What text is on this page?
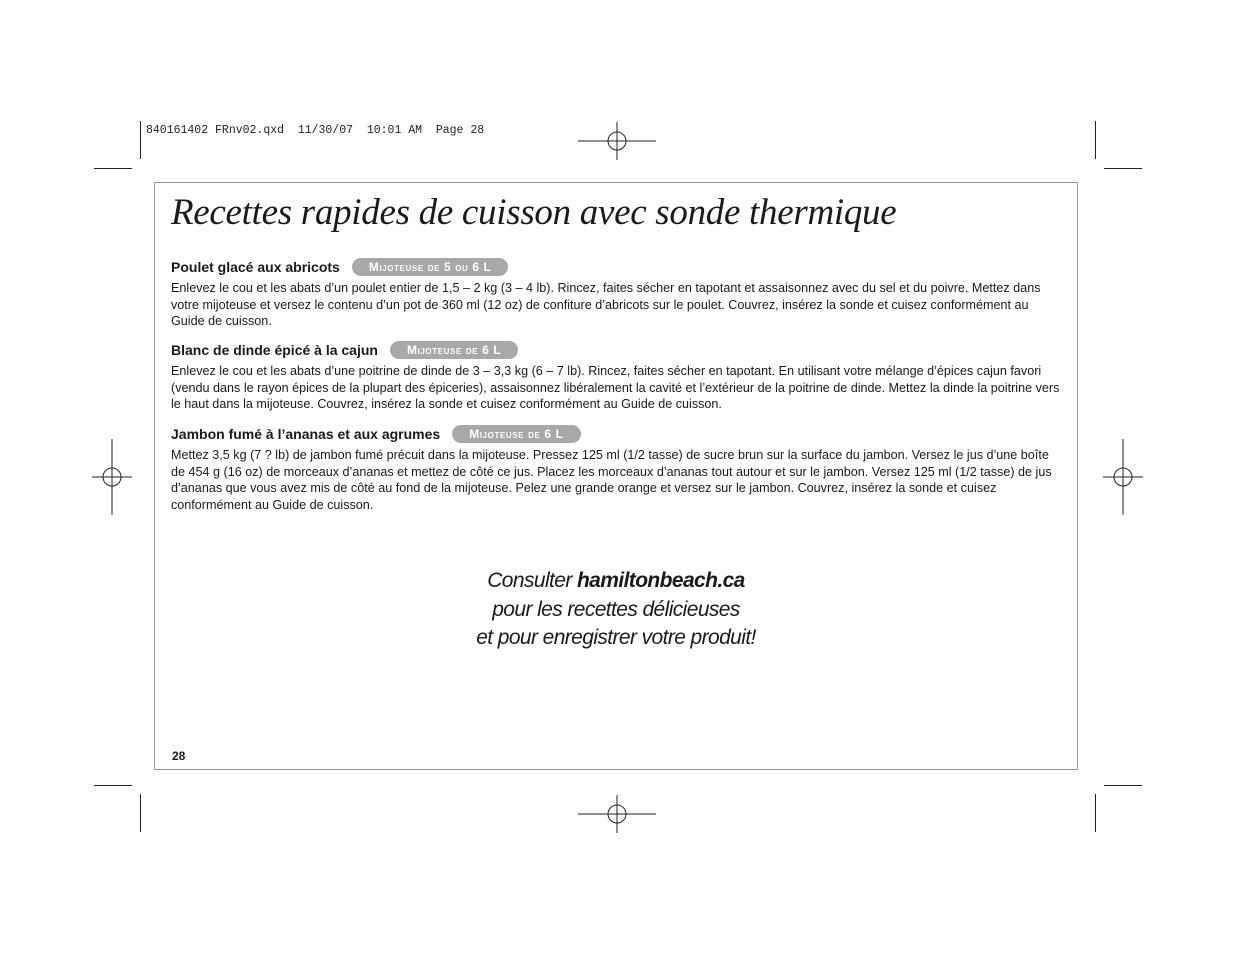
840161402 FRnv02.qxd  11/30/07  10:01 AM  Page 28
Recettes rapides de cuisson avec sonde thermique
Poulet glacé aux abricots	Mijoteuse de 5 ou 6 L

Enlevez le cou et les abats d’un poulet entier de 1,5 – 2 kg (3 – 4 lb). Rincez, faites sécher en tapotant et assaisonnez avec du sel et du poivre. Mettez dans votre mijoteuse et versez le contenu d’un pot de 360 ml (12 oz) de confiture d’abricots sur le poulet. Couvrez, insérez la sonde et cuisez conformément au Guide de cuisson.

Blanc de dinde épicé à la cajun	Mijoteuse de 6 L

Enlevez le cou et les abats d’une poitrine de dinde de 3 – 3,3 kg (6 – 7 lb). Rincez, faites sécher en tapotant. En utilisant votre mélange d’épices cajun favori (vendu dans le rayon épices de la plupart des épiceries), assaisonnez libéralement la cavité et l’extérieur de la poitrine de dinde. Mettez la dinde la poitrine vers le haut dans la mijoteuse. Couvrez, insérez la sonde et cuisez conformément au Guide de cuisson.

Jambon fumé à l’ananas et aux agrumes	Mijoteuse de 6 L

Mettez 3,5 kg (7 ? lb) de jambon fumé précuit dans la mijoteuse. Pressez 125 ml (1/2 tasse) de sucre brun sur la surface du jambon. Versez le jus d’une boîte de 454 g (16 oz) de morceaux d’ananas et mettez de côté ce jus. Placez les morceaux d’ananas tout autour et sur le jambon. Versez 125 ml (1/2 tasse) de jus d’ananas que vous avez mis de côté au fond de la mijoteuse. Pelez une grande orange et versez sur le jambon. Couvrez, insérez la sonde et cuisez conformément au Guide de cuisson.

Consulter hamiltonbeach.ca
pour les recettes délicieuses
et pour enregistrer votre produit!
28
